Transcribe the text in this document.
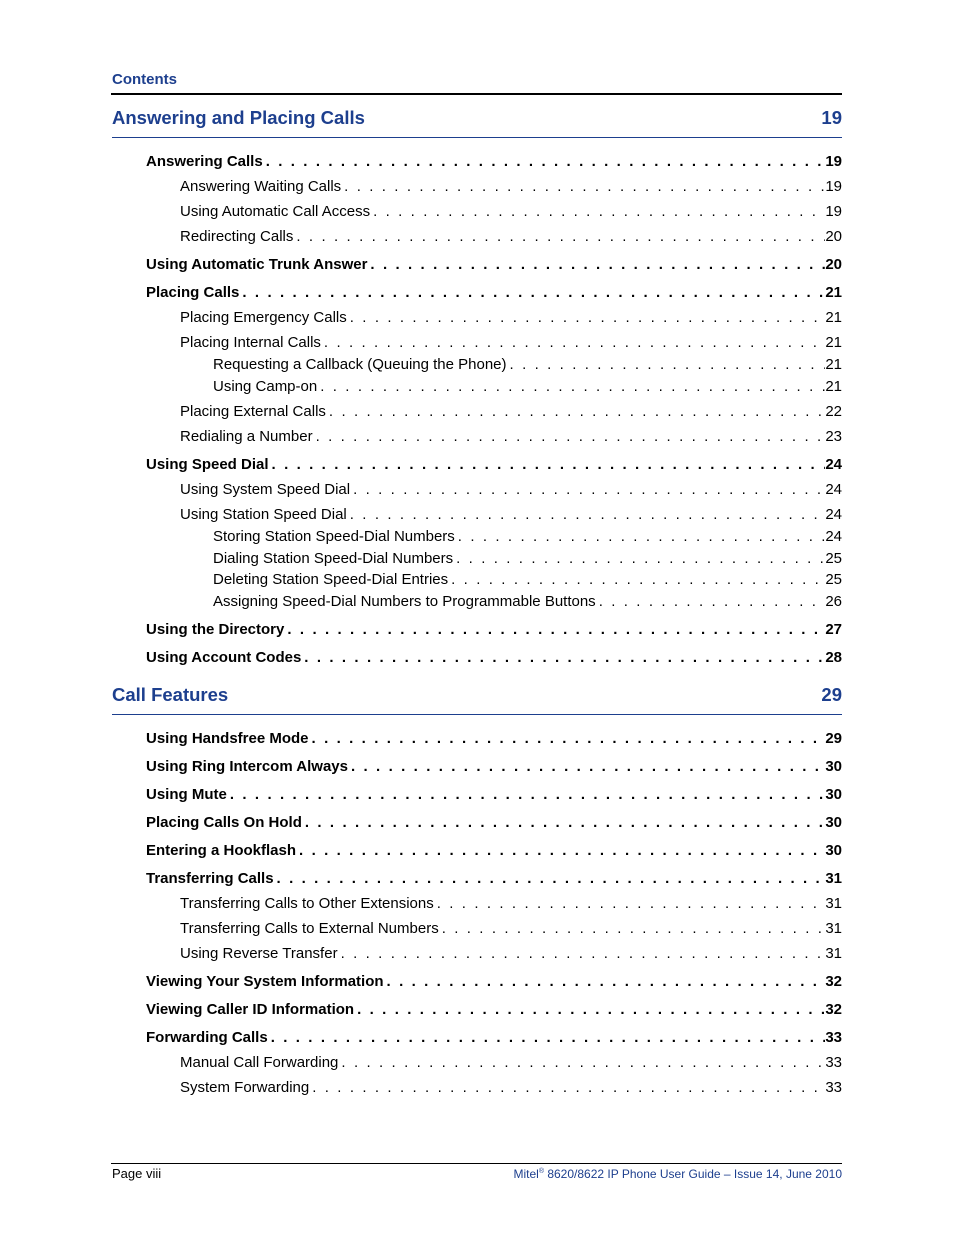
Contents
Answering and Placing Calls	19
Answering Calls . . .	19
Answering Waiting Calls . . .	19
Using Automatic Call Access . . .	19
Redirecting Calls . . .	20
Using Automatic Trunk Answer . . .	20
Placing Calls . . .	21
Placing Emergency Calls . . .	21
Placing Internal Calls . . .	21
Requesting a Callback (Queuing the Phone) . . .	21
Using Camp-on . . .	21
Placing External Calls . . .	22
Redialing a Number . . .	23
Using Speed Dial . . .	24
Using System Speed Dial . . .	24
Using Station Speed Dial . . .	24
Storing Station Speed-Dial Numbers . . .	24
Dialing Station Speed-Dial Numbers . . .	25
Deleting Station Speed-Dial Entries . . .	25
Assigning Speed-Dial Numbers to Programmable Buttons . . .	26
Using the Directory . . .	27
Using Account Codes . . .	28
Call Features	29
Using Handsfree Mode . . .	29
Using Ring Intercom Always . . .	30
Using Mute . . .	30
Placing Calls On Hold . . .	30
Entering a Hookflash . . .	30
Transferring Calls . . .	31
Transferring Calls to Other Extensions . . .	31
Transferring Calls to External Numbers . . .	31
Using Reverse Transfer . . .	31
Viewing Your System Information . . .	32
Viewing Caller ID Information . . .	32
Forwarding Calls . . .	33
Manual Call Forwarding . . .	33
System Forwarding . . .	33
Page viii	Mitel® 8620/8622 IP Phone User Guide – Issue 14, June 2010
